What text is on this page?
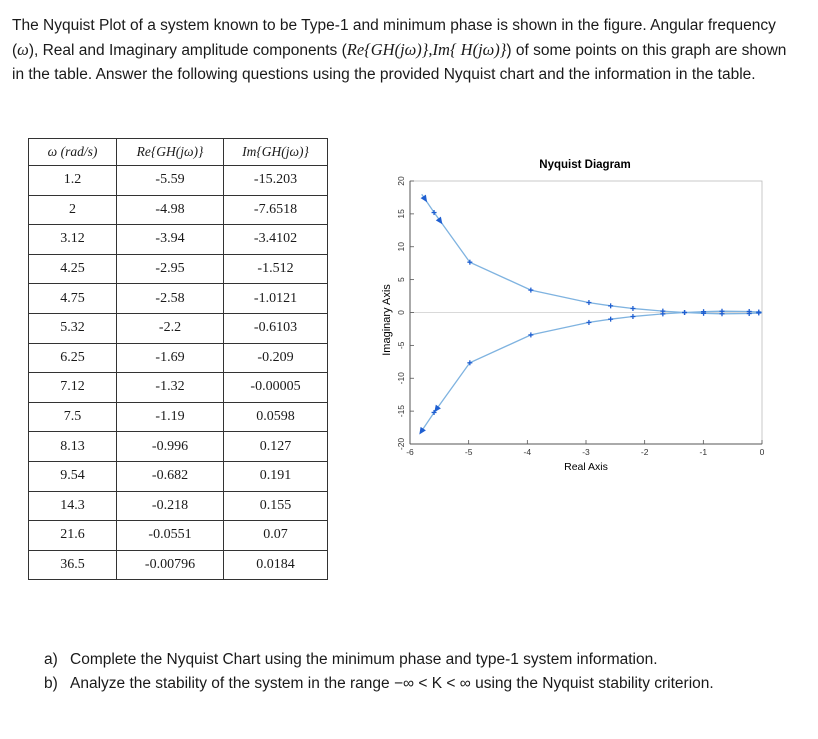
The Nyquist Plot of a system known to be Type-1 and minimum phase is shown in the figure. Angular frequency (ω), Real and Imaginary amplitude components (Re{GH(jω)},Im{ H(jω)}) of some points on this graph are shown in the table. Answer the following questions using the provided Nyquist chart and the information in the table.

ω (rad/s)	Re{GH(jω)}	Im{GH(jω)}
1.2	-5.59	-15.203
2	-4.98	-7.6518
3.12	-3.94	-3.4102
4.25	-2.95	-1.512
4.75	-2.58	-1.0121
5.32	-2.2	-0.6103
6.25	-1.69	-0.209
7.12	-1.32	-0.00005
7.5	-1.19	0.0598
8.13	-0.996	0.127
9.54	-0.682	0.191
14.3	-0.218	0.155
21.6	-0.0551	0.07
36.5	-0.00796	0.0184
Nyquist Diagram
Imaginary Axis
Real Axis
20
15
10
5
0
-5
-10
-15
-20
-6	-5	-4	-3	-2	-1	0
a) Complete the Nyquist Chart using the minimum phase and type-1 system information.
b) Analyze the stability of the system in the range −∞ < K < ∞ using the Nyquist stability criterion.
